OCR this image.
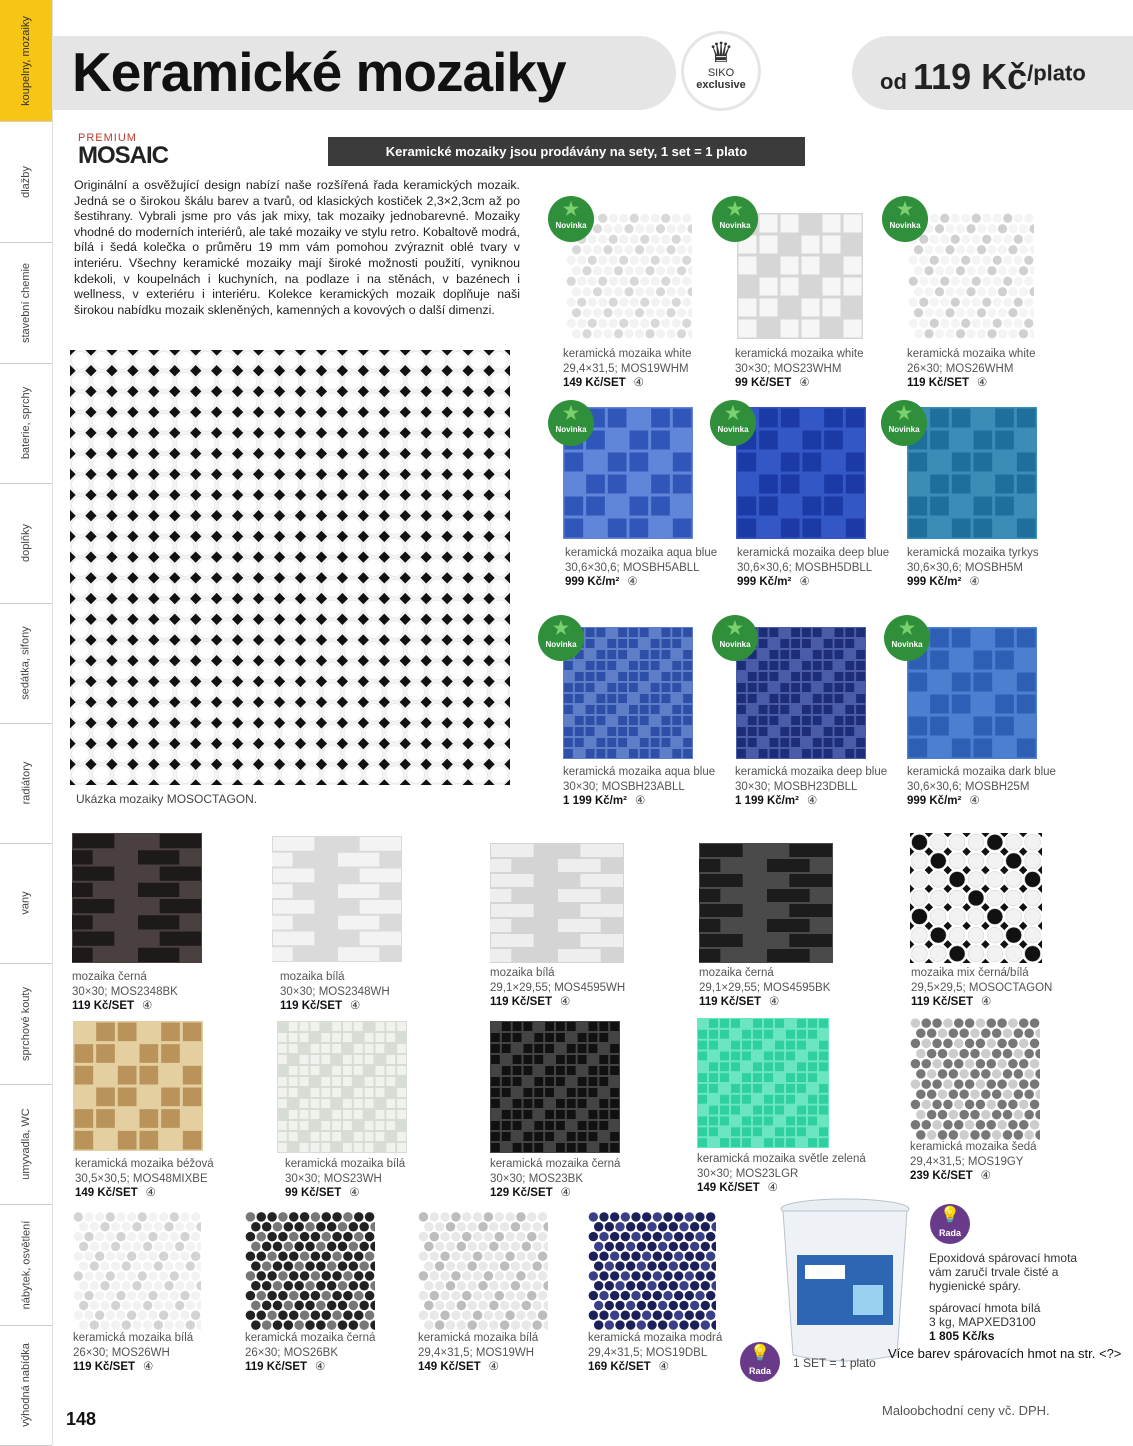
koupelny, mozaiky
dlažby
stavební chemie
baterie, sprchy
doplňky
sedátka, sifony
radiátory
vany
sprchové kouty
umyvadla, WC
nábytek, osvětlení
výhodná nabídka
Keramické mozaiky	♛
SIKO
exclusive	od 119 $Kč^{/plato}$
PREMIUM
MOSAIC	Keramické mozaiky jsou prodávány na sety, 1 set = 1 plato
Originální a osvěžující design nabízí naše rozšířená řada keramických mozaik. Jedná se o širokou škálu barev a tvarů, od klasických kostiček 2,3×2,3cm až po šestihrany. Vybrali jsme pro vás jak mixy, tak mozaiky jednobarevné. Mozaiky vhodné do moderních interiérů, ale také mozaiky ve stylu retro. Kobaltově modrá, bílá i šedá kolečka o průměru 19 mm vám pomohou zvýraznit oblé tvary v interiéru. Všechny keramické mozaiky mají široké možnosti použití, vyniknou kdekoli, v koupelnách i kuchyních, na podlaze i na stěnách, v bazénech i wellness, v exteriéru i interiéru. Kolekce keramických mozaik doplňuje naši širokou nabídku mozaik skleněných, kamenných a kovových o další dimenzi.
Ukázka mozaiky MOSOCTAGON.
★
Novinka
keramická mozaika white
29,4×31,5; MOS19WHM
149 Kč/SET ④
★
Novinka
keramická mozaika white
30×30; MOS23WHM
99 Kč/SET ④
★
Novinka
keramická mozaika white
26×30; MOS26WHM
119 Kč/SET ④
★
Novinka
keramická mozaika aqua blue
30,6×30,6; MOSBH5ABLL
999 Kč/m² ④
★
Novinka
keramická mozaika deep blue
30,6×30,6; MOSBH5DBLL
999 Kč/m² ④
★
Novinka
keramická mozaika tyrkys
30,6×30,6; MOSBH5M
999 Kč/m² ④
★
Novinka
keramická mozaika aqua blue
30×30; MOSBH23ABLL
1 199 Kč/m² ④
★
Novinka
keramická mozaika deep blue
30×30; MOSBH23DBLL
1 199 Kč/m² ④
★
Novinka
keramická mozaika dark blue
30,6×30,6; MOSBH25M
999 Kč/m² ④
mozaika černá
30×30; MOS2348BK
119 Kč/SET ④
mozaika bílá
30×30; MOS2348WH
119 Kč/SET ④
mozaika bílá
29,1×29,55; MOS4595WH
119 Kč/SET ④
mozaika černá
29,1×29,55; MOS4595BK
119 Kč/SET ④
mozaika mix černá/bílá
29,5×29,5; MOSOCTAGON
119 Kč/SET ④
keramická mozaika béžová
30,5×30,5; MOS48MIXBE
149 Kč/SET ④
keramická mozaika bílá
30×30; MOS23WH
99 Kč/SET ④
keramická mozaika černá
30×30; MOS23BK
129 Kč/SET ④
keramická mozaika světle zelená
30×30; MOS23LGR
149 Kč/SET ④
keramická mozaika šedá
29,4×31,5; MOS19GY
239 Kč/SET ④
keramická mozaika bílá
26×30; MOS26WH
119 Kč/SET ④
keramická mozaika černá
26×30; MOS26BK
119 Kč/SET ④
keramická mozaika bílá
29,4×31,5; MOS19WH
149 Kč/SET ④
keramická mozaika modrá
29,4×31,5; MOS19DBL
169 Kč/SET ④
💡
Rada
Epoxidová spárovací hmota vám zaručí trvale čisté a hygienické spáry.
spárovací hmota bílá
3 kg, MAPXED3100
1 805 Kč/ks
💡
Rada
1 SET = 1 plato
Více barev spárovacích hmot na str. <?>
148	Maloobchodní ceny vč. DPH.
